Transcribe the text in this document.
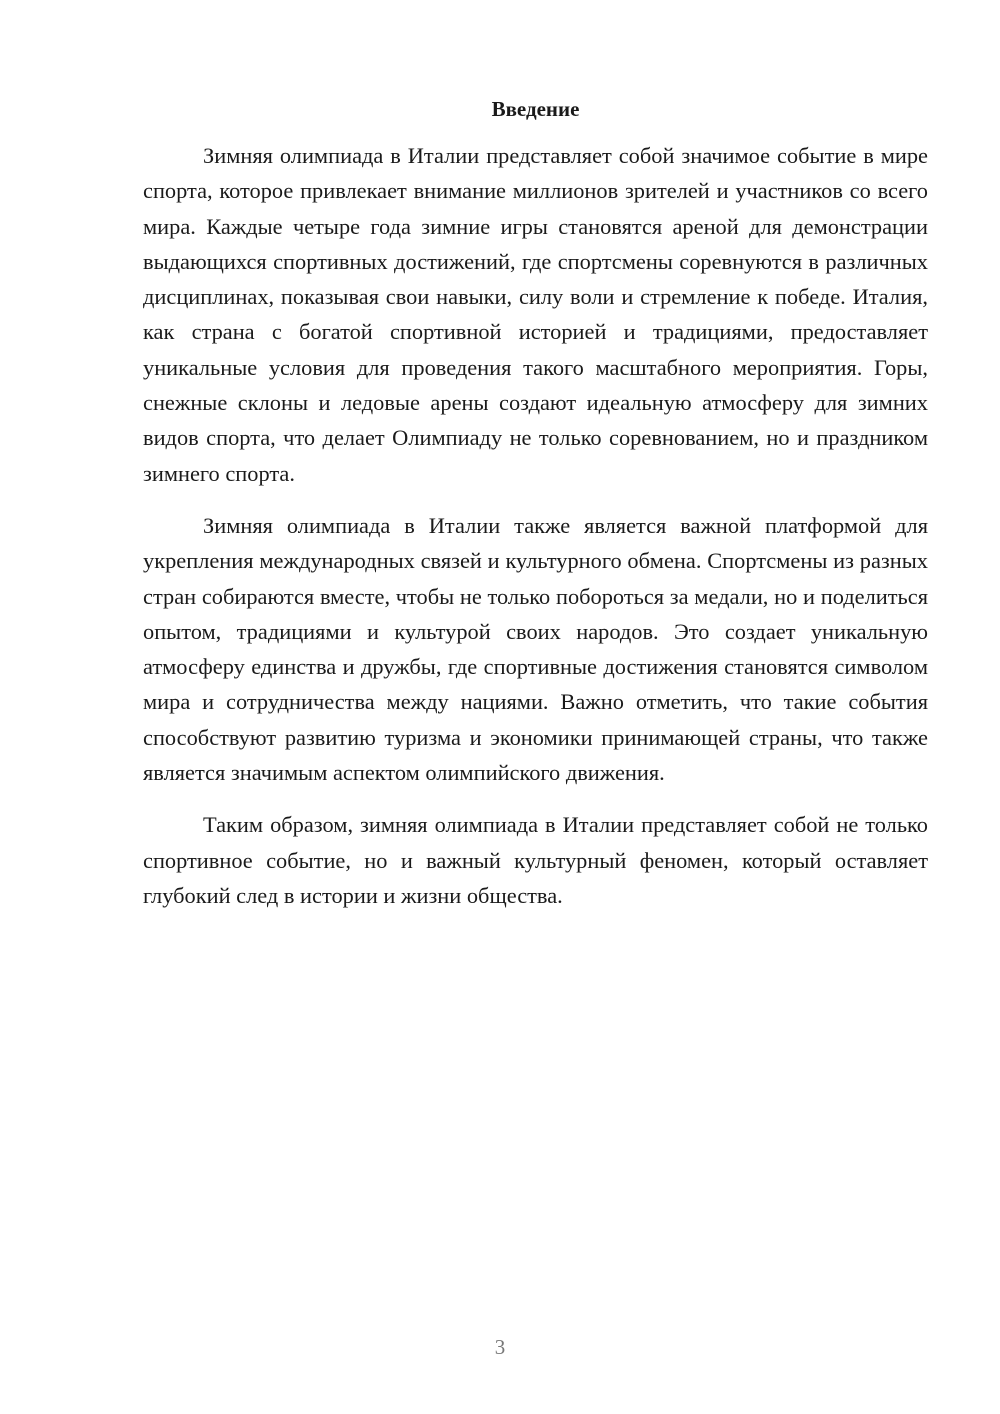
Введение

Зимняя олимпиада в Италии представляет собой значимое событие в мире спорта, которое привлекает внимание миллионов зрителей и участников со всего мира. Каждые четыре года зимние игры становятся ареной для демонстрации выдающихся спортивных достижений, где спортсмены соревнуются в различных дисциплинах, показывая свои навыки, силу воли и стремление к победе. Италия, как страна с богатой спортивной историей и традициями, предоставляет уникальные условия для проведения такого масштабного мероприятия. Горы, снежные склоны и ледовые арены создают идеальную атмосферу для зимних видов спорта, что делает Олимпиаду не только соревнованием, но и праздником зимнего спорта.

Зимняя олимпиада в Италии также является важной платформой для укрепления международных связей и культурного обмена. Спортсмены из разных стран собираются вместе, чтобы не только побороться за медали, но и поделиться опытом, традициями и культурой своих народов. Это создает уникальную атмосферу единства и дружбы, где спортивные достижения становятся символом мира и сотрудничества между нациями. Важно отметить, что такие события способствуют развитию туризма и экономики принимающей страны, что также является значимым аспектом олимпийского движения.

Таким образом, зимняя олимпиада в Италии представляет собой не только спортивное событие, но и важный культурный феномен, который оставляет глубокий след в истории и жизни общества.

3
